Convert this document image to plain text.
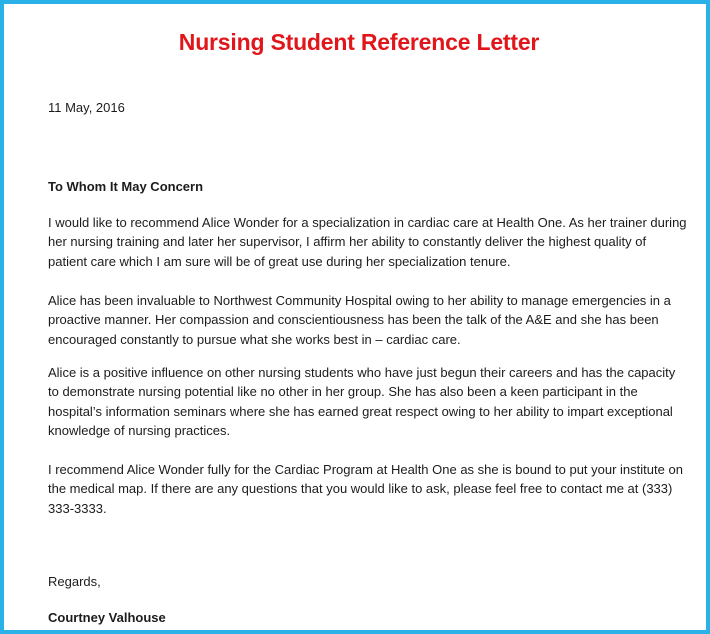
Nursing Student Reference Letter
11 May, 2016
To Whom It May Concern

I would like to recommend Alice Wonder for a specialization in cardiac care at Health One. As her trainer during her nursing training and later her supervisor, I affirm her ability to constantly deliver the highest quality of patient care which I am sure will be of great use during her specialization tenure.

Alice has been invaluable to Northwest Community Hospital owing to her ability to manage emergencies in a proactive manner. Her compassion and conscientiousness has been the talk of the A&E and she has been encouraged constantly to pursue what she works best in – cardiac care.

Alice is a positive influence on other nursing students who have just begun their careers and has the capacity to demonstrate nursing potential like no other in her group. She has also been a keen participant in the hospital’s information seminars where she has earned great respect owing to her ability to impart exceptional knowledge of nursing practices.

I recommend Alice Wonder fully for the Cardiac Program at Health One as she is bound to put your institute on the medical map. If there are any questions that you would like to ask, please feel free to contact me at (333) 333-3333.

Regards,
Courtney Valhouse
